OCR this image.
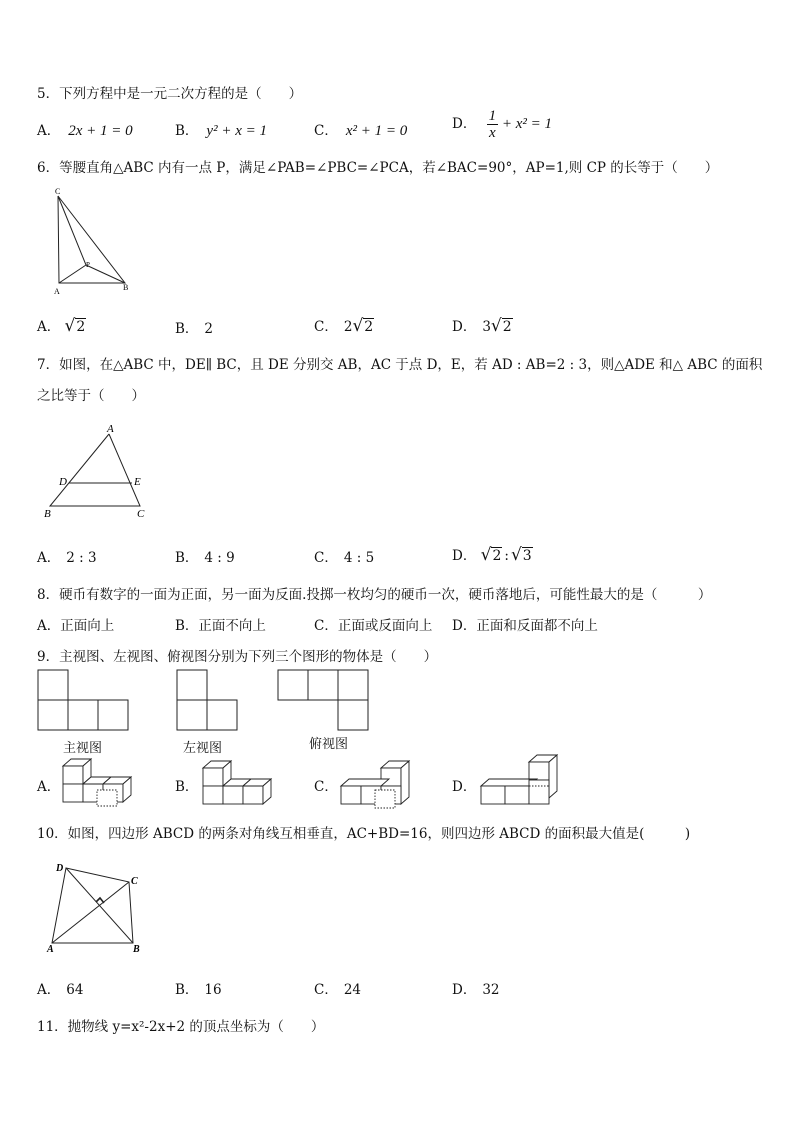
5．下列方程中是一元二次方程的是（　　）
A． 2x + 1 = 0	B． y² + x = 1	C． x² + 1 = 0	D． $\frac{1}{x} + x^2 = 1$
6．等腰直角△ABC 内有一点 P，满足∠PAB=∠PBC=∠PCA，若∠BAC=90°，AP=1,则 CP 的长等于（　　）
C
P
A	B
A． √2	B． 2	C． 2√2	D． 3√2
7．如图，在△ABC 中，DE∥ BC，且 DE 分别交 AB，AC 于点 D，E，若 AD : AB=2 : 3，则△ADE 和△ ABC 的面积
之比等于（　　）
A
D	E
B	C
A． 2 : 3	B． 4 : 9	C． 4 : 5	D． √2 : √3
8．硬币有数字的一面为正面，另一面为反面.投掷一枚均匀的硬币一次，硬币落地后，可能性最大的是（　　　）
A．正面向上	B．正面不向上	C．正面或反面向上 D．正面和反面都不向上
9．主视图、左视图、俯视图分别为下列三个图形的物体是（　　）
主视图	左视图	俯视图
A．	B．	C．	D．
10．如图，四边形 ABCD 的两条对角线互相垂直，AC+BD=16，则四边形 ABCD 的面积最大值是(　　　)
D
C
A	B
A． 64	B． 16	C． 24	D． 32
11．抛物线 y=x²-2x+2 的顶点坐标为（　　）
